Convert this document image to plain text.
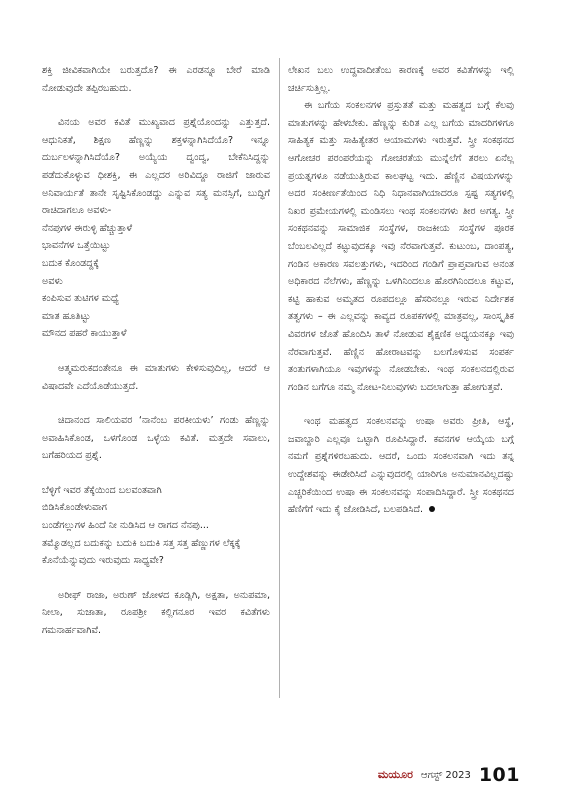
ಶಕ್ತಿ ಜೀವಿಕವಾಗಿಯೇ ಬರುತ್ತದೊ? ಈ ಎರಡನ್ನೂ ಬೇರೆ ಮಾಡಿ ನೋಡುವುದೇ ತಪ್ಪಿರಬಹುದು.

ವಿನಯ ಅವರ ಕವಿತೆ ಮುಖ್ಯವಾದ ಪ್ರಶ್ನೆಯೊಂದನ್ನು ಎತ್ತುತ್ತದೆ. ಆಧುನಿಕತೆ, ಶಿಕ್ಷಣ ಹೆಣ್ಣನ್ನು ಶಕ್ತಳನ್ನಾಗಿಸಿದೆಯೊ? ಇನ್ನೂ ದುರ್ಬಲಳನ್ನಾಗಿಸಿದೆಯೊ? ಅಯ್ಯೆಯ ದ್ವಂದ್ವ, ಬೇಕೆನಿಸಿದ್ದನ್ನು ಪಡೆದುಕೊಳ್ಳುವ ಧೀಶಕ್ತಿ, ಈ ಎಲ್ಲದರ ಅರಿವಿದ್ದೂ ರಾಜಿಗೆ ಜಾರುವ ಅನಿವಾರ್ಯತೆ ತಾನೇ ಸೃಷ್ಟಿಸಿಕೊಂಡದ್ದು ಎನ್ನುವ ಸತ್ಯ ಮನಸ್ಸಿಗೆ, ಬುದ್ಧಿಗೆ ರಾಚಿದಾಗಲೂ ಅವಳು-

ನೆನಪುಗಳ ಈರುಳ್ಳಿ ಹೆಚ್ಚುತ್ತಾಳೆ
ಭಾವನೆಗಳ ಒತ್ತೆಯಿಟ್ಟು
ಬದುಕ ಕೊಂಡದ್ದಕ್ಕೆ
ಅವಳು
ಕಂಪಿಸುವ ತುಟಿಗಳ ಮಧ್ಯೆ
ಮಾತ ಹೂತಿಟ್ಟು
ಮೌನದ ಪಹರೆ ಕಾಯುತ್ತಾಳೆ

ಆತ್ಮಮರುಕದಂತೇನೂ ಈ ಮಾತುಗಳು ಕೇಳಿಸುವುದಿಲ್ಲ, ಆದರೆ ಆ ವಿಷಾದವೇ ಎದೆಯೊಡೆಯುತ್ತದೆ.

ಚಿದಾನಂದ ಸಾಲಿಯವರ ‘ನಾನೆಂಬ ಪರಕೀಯಳು’ ಗಂಡು ಹೆಣ್ಣನ್ನು ಅವಾಹಿಸಿಕೊಂಡ, ಒಳಗೊಂಡ ಒಳ್ಳೆಯ ಕವಿತೆ. ಮತ್ತದೇ ಸವಾಲು, ಬಗೆಹರಿಯದ ಪ್ರಶ್ನೆ.

ಬೆಳ್ಳಿಗೆ ಇವರ ತೆಕ್ಕೆಯಿಂದ ಬಲವಂತವಾಗಿ
ಬಿಡಿಸಿಕೊಂಡೇಳುವಾಗ

ಬಂಡೆಗಲ್ಲುಗಳ ಹಿಂದೆ ನೀ ನುಡಿಸಿದ ಆ ರಾಗದ ನೆನಪು...

ತಮ್ಮೊಡಲ್ಲದ ಬದುಕನ್ನು ಬದುಕಿ ಬದುಕಿ ಸತ್ತ ಸತ್ತ ಹೆಣ್ಣುಗಳ ಲೆಕ್ಕಕ್ಕೆ ಕೊನೆಯೆನ್ನುವುದು ಇರುವುದು ಸಾಧ್ಯವೇ?

ಅರೀಫ್ ರಾಜಾ, ಅರುಣ್ ಜೋಳದ ಕೂಡ್ಲಿಗಿ, ಅಕ್ಷತಾ, ಅನುಪಮಾ, ನೀಲಾ, ಸುಜಾತಾ, ರೂಪಶ್ರೀ ಕಲ್ಲಿಗನೂರ ಇವರ ಕವಿತೆಗಳು ಗಮನಾರ್ಹವಾಗಿವೆ.

ಲೇಖನ ಬಲು ಉದ್ದವಾದೀತೆಂಬ ಕಾರಣಕ್ಕೆ ಅವರ ಕವಿತೆಗಳನ್ನು ಇಲ್ಲಿ ಚರ್ಚಿಸುತ್ತಿಲ್ಲ.

ಈ ಬಗೆಯ ಸಂಕಲನಗಳ ಪ್ರಸ್ತುತತೆ ಮತ್ತು ಮಹತ್ವದ ಬಗ್ಗೆ ಕೆಲವು ಮಾತುಗಳನ್ನು ಹೇಳಬೇಕು. ಹೆಣ್ಣನ್ನು ಕುರಿತ ಎಲ್ಲ ಬಗೆಯ ಮಾದರಿಗಳಿಗೂ ಸಾಹಿತ್ಯಕ ಮತ್ತು ಸಾಹಿತ್ಯೇತರ ಆಯಾಮಗಳು ಇರುತ್ತವೆ. ಸ್ತ್ರೀ ಸಂಕಥನದ ಆಗೋಚರ ಪರಂಪರೆಯನ್ನು ಗೋಚರತೆಯ ಮುನ್ನೆಲೆಗೆ ತರಲು ಏನೆಲ್ಲ ಪ್ರಯತ್ನಗಳೂ ನಡೆಯುತ್ತಿರುವ ಕಾಲಘಟ್ಟ ಇದು. ಹೆಣ್ಣಿನ ವಿಷಯಗಳನ್ನು ಅದರ ಸಂಕೀರ್ಣತೆಯಿಂದ ನಿಧಿ ನಿಧಾನವಾಗಿಯಾದರೂ ಸ್ಪಷ್ಟ ಸತ್ಯಗಳಲ್ಲಿ ನಿಖರ ಪ್ರಮೇಯಗಳಲ್ಲಿ ಮಂಡಿಸಲು ಇಂಥ ಸಂಕಲನಗಳು ತೀರ ಅಗತ್ಯ. ಸ್ತ್ರೀ ಸಂಕಥನವನ್ನು ಸಾಮಾಜಿಕ ಸಂಸ್ಥೆಗಳ, ರಾಜಕೀಯ ಸಂಸ್ಥೆಗಳ ಪೂರಕ ಬೆಂಬಲವಿಲ್ಲದೆ ಕಟ್ಟುವುದಕ್ಕೂ ಇವು ನೆರವಾಗುತ್ತವೆ. ಕುಟುಂಬ, ದಾಂಪತ್ಯ, ಗಂಡಿನ ಅಕಾರಣ ಸವಲತ್ತುಗಳು, ಇದರಿಂದ ಗಂಡಿಗೆ ಪ್ರಾಪ್ತವಾಗುವ ಅನಂತ ಅಧಿಕಾರದ ನೆಲೆಗಳು, ಹೆಣ್ಣನ್ನು ಒಳಗಿನಿಂದಲೂ ಹೊರಗಿನಿಂದಲೂ ಕಟ್ಟುವ, ಕಟ್ಟಿ ಹಾಕುವ ಅಮೃತದ ರೂಪದಲ್ಲೂ ಹೆಸರಿನಲ್ಲೂ ಇರುವ ನಿರ್ದೇಶಕ ತತ್ವಗಳು – ಈ ಎಲ್ಲವನ್ನು ಕಾವ್ಯದ ರೂಪಕಗಳಲ್ಲಿ ಮಾತ್ರವಲ್ಲ, ಸಾಂಸ್ಕೃತಿಕ ವಿವರಗಳ ಜೊತೆ ಹೊಂದಿಸಿ ತಾಳೆ ನೋಡುವ ಶೈಕ್ಷಣಿಕ ಅಧ್ಯಯನಕ್ಕೂ ಇವು ನೆರವಾಗುತ್ತವೆ. ಹೆಣ್ಣಿನ ಹೋರಾಟವನ್ನು ಬಲಗೊಳಿಸುವ ಸಂಪರ್ಕ ತಂತುಗಳಾಗಿಯೂ ಇವುಗಳನ್ನು ನೋಡಬೇಕು. ಇಂಥ ಸಂಕಲನದಲ್ಲಿರುವ ಗಂಡಿನ ಬಗೆಗೂ ನಮ್ಮ ನೋಟ-ನಿಲುವುಗಳು ಬದಲಾಗುತ್ತಾ ಹೋಗುತ್ತವೆ.

ಇಂಥ ಮಹತ್ವದ ಸಂಕಲನವನ್ನು ಉಷಾ ಅವರು ಪ್ರೀತಿ, ಆಸ್ಥೆ, ಜವಾಬ್ದಾರಿ ಎಲ್ಲವೂ ಒಟ್ಟಾಗಿ ರೂಪಿಸಿದ್ದಾರೆ. ಕವನಗಳ ಆಯ್ಕೆಯ ಬಗ್ಗೆ ನಮಗೆ ಪ್ರಶ್ನೆಗಳಿರಬಹುದು. ಆದರೆ, ಒಂದು ಸಂಕಲನವಾಗಿ ಇದು ತನ್ನ ಉದ್ದೇಶವನ್ನು ಈಡೇರಿಸಿದೆ ಎನ್ನುವುದರಲ್ಲಿ ಯಾರಿಗೂ ಅನುಮಾನವಿಲ್ಲದಷ್ಟು ಎಚ್ಚರಿಕೆಯಿಂದ ಉಷಾ ಈ ಸಂಕಲನವನ್ನು ಸಂಪಾದಿಸಿದ್ದಾರೆ. ಸ್ತ್ರೀ ಸಂಕಥನದ ಹೆಣಿಗೆಗೆ ಇದು ಕೈ ಜೋಡಿಸಿದೆ, ಬಲಪಡಿಸಿದೆ.

ಮಯೂರ ಆಗಸ್ಟ್ 2023 101
